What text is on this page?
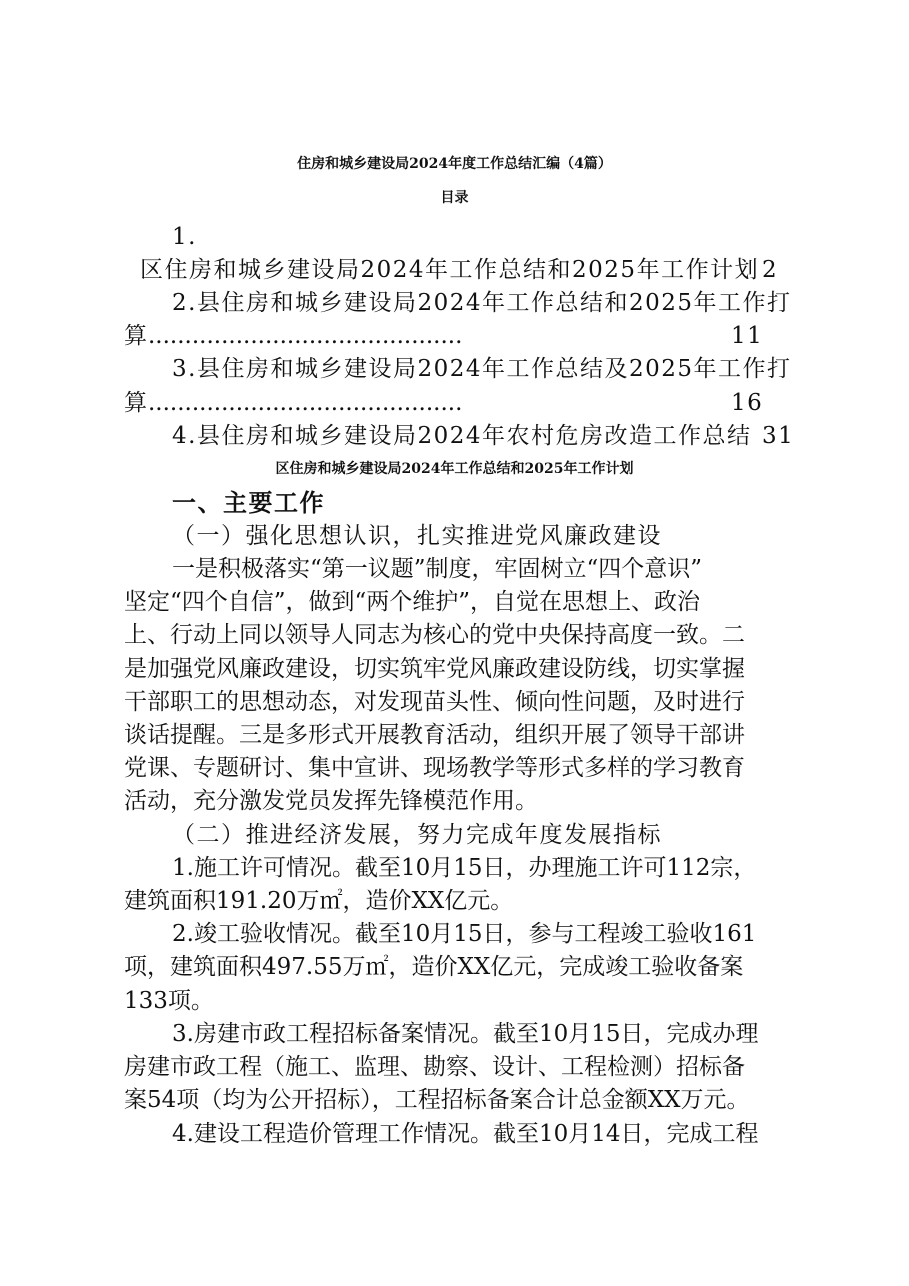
住房和城乡建设局2024年度工作总结汇编（4篇）
目录
1.
区住房和城乡建设局2024年工作总结和2025年工作计划 2
2.县住房和城乡建设局2024年工作总结和2025年工作打
算 ...........................................	11
3.县住房和城乡建设局2024年工作总结及2025年工作打
算 ...........................................	16
4.县住房和城乡建设局2024年农村危房改造工作总结 31
区住房和城乡建设局2024年工作总结和2025年工作计划
一、主要工作
（一）强化思想认识，扎实推进党风廉政建设
一是积极落实“第一议题”制度，牢固树立“四个意识”
坚定“四个自信”，做到“两个维护”，自觉在思想上、政治
上、行动上同以领导人同志为核心的党中央保持高度一致。二
是加强党风廉政建设，切实筑牢党风廉政建设防线，切实掌握
干部职工的思想动态，对发现苗头性、倾向性问题，及时进行
谈话提醒。三是多形式开展教育活动，组织开展了领导干部讲
党课、专题研讨、集中宣讲、现场教学等形式多样的学习教育
活动，充分激发党员发挥先锋模范作用。
（二）推进经济发展，努力完成年度发展指标
1.施工许可情况。截至10月15日，办理施工许可112宗，
建筑面积191.20万㎡，造价XX亿元。
2.竣工验收情况。截至10月15日，参与工程竣工验收161
项，建筑面积497.55万㎡，造价XX亿元，完成竣工验收备案
133项。
3.房建市政工程招标备案情况。截至10月15日，完成办理
房建市政工程（施工、监理、勘察、设计、工程检测）招标备
案54项（均为公开招标），工程招标备案合计总金额XX万元。
4.建设工程造价管理工作情况。截至10月14日，完成工程
